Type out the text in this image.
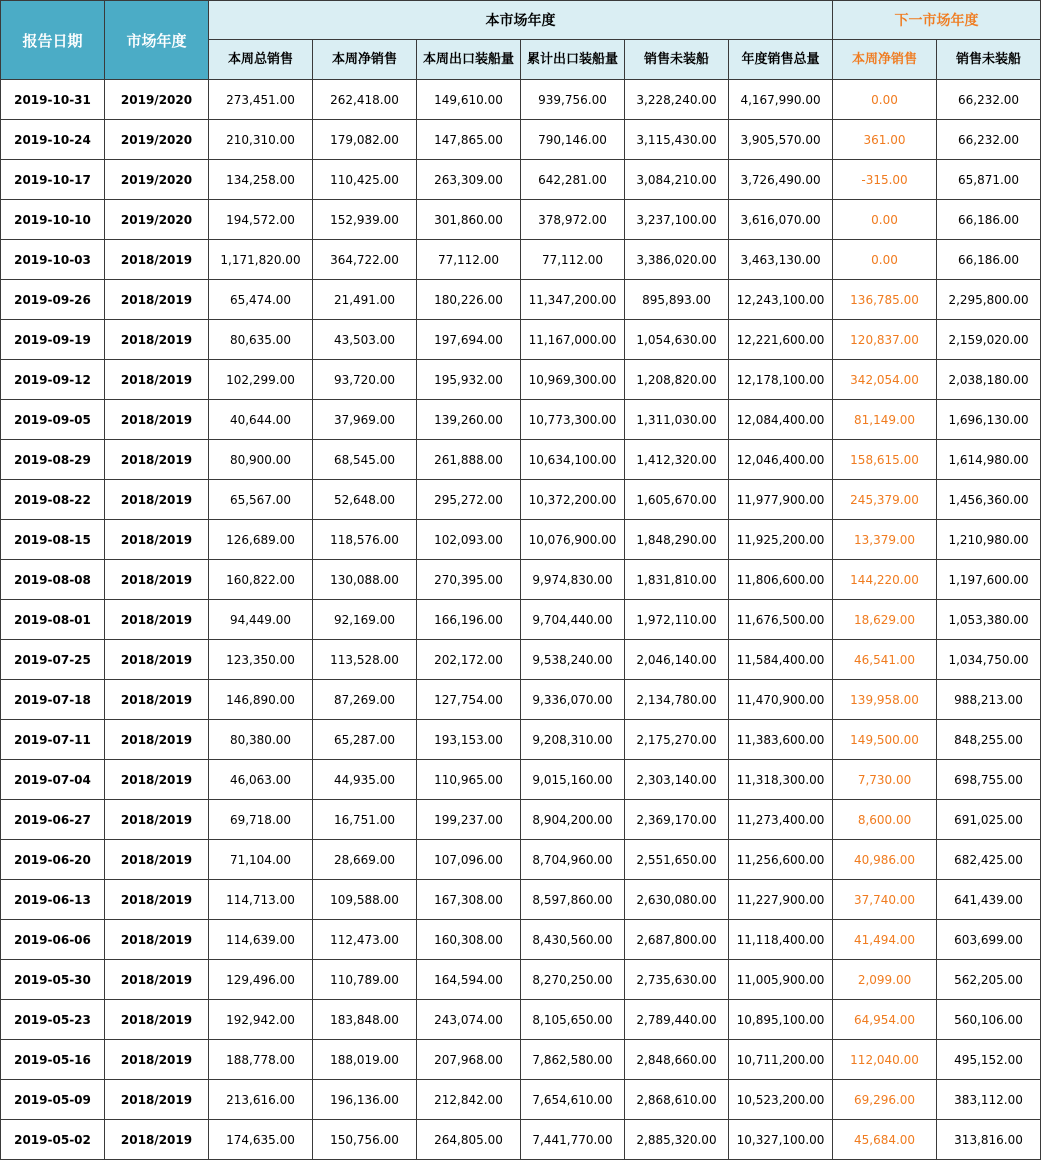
报告日期	市场年度	本市场年度						下一市场年度	
		本周总销售	本周净销售	本周出口装船量	累计出口装船量	销售未装船	年度销售总量	本周净销售	销售未装船
2019-10-31	2019/2020	273,451.00	262,418.00	149,610.00	939,756.00	3,228,240.00	4,167,990.00	0.00	66,232.00
2019-10-24	2019/2020	210,310.00	179,082.00	147,865.00	790,146.00	3,115,430.00	3,905,570.00	361.00	66,232.00
2019-10-17	2019/2020	134,258.00	110,425.00	263,309.00	642,281.00	3,084,210.00	3,726,490.00	-315.00	65,871.00
2019-10-10	2019/2020	194,572.00	152,939.00	301,860.00	378,972.00	3,237,100.00	3,616,070.00	0.00	66,186.00
2019-10-03	2018/2019	1,171,820.00	364,722.00	77,112.00	77,112.00	3,386,020.00	3,463,130.00	0.00	66,186.00
2019-09-26	2018/2019	65,474.00	21,491.00	180,226.00	11,347,200.00	895,893.00	12,243,100.00	136,785.00	2,295,800.00
2019-09-19	2018/2019	80,635.00	43,503.00	197,694.00	11,167,000.00	1,054,630.00	12,221,600.00	120,837.00	2,159,020.00
2019-09-12	2018/2019	102,299.00	93,720.00	195,932.00	10,969,300.00	1,208,820.00	12,178,100.00	342,054.00	2,038,180.00
2019-09-05	2018/2019	40,644.00	37,969.00	139,260.00	10,773,300.00	1,311,030.00	12,084,400.00	81,149.00	1,696,130.00
2019-08-29	2018/2019	80,900.00	68,545.00	261,888.00	10,634,100.00	1,412,320.00	12,046,400.00	158,615.00	1,614,980.00
2019-08-22	2018/2019	65,567.00	52,648.00	295,272.00	10,372,200.00	1,605,670.00	11,977,900.00	245,379.00	1,456,360.00
2019-08-15	2018/2019	126,689.00	118,576.00	102,093.00	10,076,900.00	1,848,290.00	11,925,200.00	13,379.00	1,210,980.00
2019-08-08	2018/2019	160,822.00	130,088.00	270,395.00	9,974,830.00	1,831,810.00	11,806,600.00	144,220.00	1,197,600.00
2019-08-01	2018/2019	94,449.00	92,169.00	166,196.00	9,704,440.00	1,972,110.00	11,676,500.00	18,629.00	1,053,380.00
2019-07-25	2018/2019	123,350.00	113,528.00	202,172.00	9,538,240.00	2,046,140.00	11,584,400.00	46,541.00	1,034,750.00
2019-07-18	2018/2019	146,890.00	87,269.00	127,754.00	9,336,070.00	2,134,780.00	11,470,900.00	139,958.00	988,213.00
2019-07-11	2018/2019	80,380.00	65,287.00	193,153.00	9,208,310.00	2,175,270.00	11,383,600.00	149,500.00	848,255.00
2019-07-04	2018/2019	46,063.00	44,935.00	110,965.00	9,015,160.00	2,303,140.00	11,318,300.00	7,730.00	698,755.00
2019-06-27	2018/2019	69,718.00	16,751.00	199,237.00	8,904,200.00	2,369,170.00	11,273,400.00	8,600.00	691,025.00
2019-06-20	2018/2019	71,104.00	28,669.00	107,096.00	8,704,960.00	2,551,650.00	11,256,600.00	40,986.00	682,425.00
2019-06-13	2018/2019	114,713.00	109,588.00	167,308.00	8,597,860.00	2,630,080.00	11,227,900.00	37,740.00	641,439.00
2019-06-06	2018/2019	114,639.00	112,473.00	160,308.00	8,430,560.00	2,687,800.00	11,118,400.00	41,494.00	603,699.00
2019-05-30	2018/2019	129,496.00	110,789.00	164,594.00	8,270,250.00	2,735,630.00	11,005,900.00	2,099.00	562,205.00
2019-05-23	2018/2019	192,942.00	183,848.00	243,074.00	8,105,650.00	2,789,440.00	10,895,100.00	64,954.00	560,106.00
2019-05-16	2018/2019	188,778.00	188,019.00	207,968.00	7,862,580.00	2,848,660.00	10,711,200.00	112,040.00	495,152.00
2019-05-09	2018/2019	213,616.00	196,136.00	212,842.00	7,654,610.00	2,868,610.00	10,523,200.00	69,296.00	383,112.00
2019-05-02	2018/2019	174,635.00	150,756.00	264,805.00	7,441,770.00	2,885,320.00	10,327,100.00	45,684.00	313,816.00
